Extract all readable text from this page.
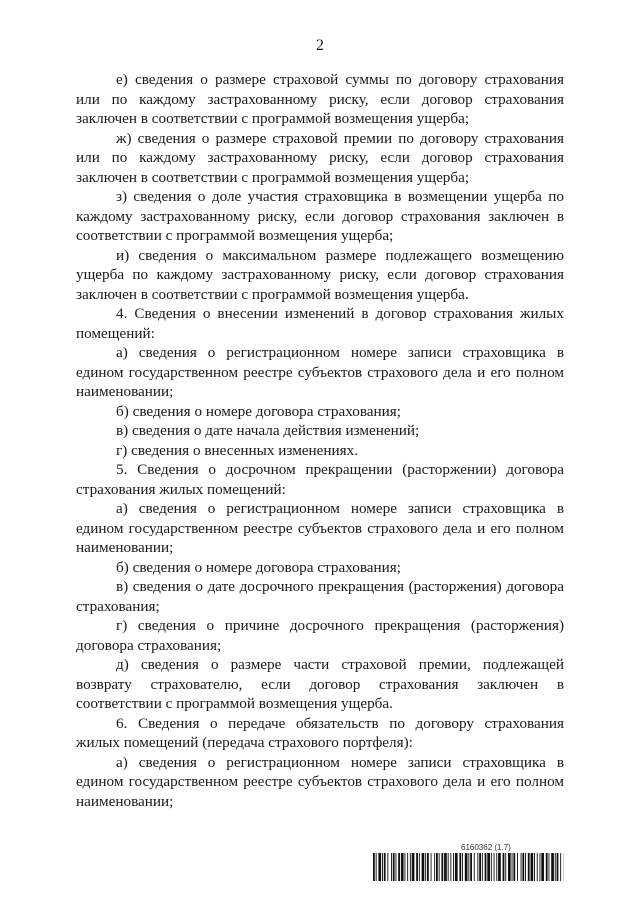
2

е) сведения о размере страховой суммы по договору страхования или по каждому застрахованному риску, если договор страхования заключен в соответствии с программой возмещения ущерба;

ж) сведения о размере страховой премии по договору страхования или по каждому застрахованному риску, если договор страхования заключен в соответствии с программой возмещения ущерба;

з) сведения о доле участия страховщика в возмещении ущерба по каждому застрахованному риску, если договор страхования заключен в соответствии с программой возмещения ущерба;

и) сведения о максимальном размере подлежащего возмещению ущерба по каждому застрахованному риску, если договор страхования заключен в соответствии с программой возмещения ущерба.

4. Сведения о внесении изменений в договор страхования жилых помещений:

а) сведения о регистрационном номере записи страховщика в едином государственном реестре субъектов страхового дела и его полном наименовании;

б) сведения о номере договора страхования;

в) сведения о дате начала действия изменений;

г) сведения о внесенных изменениях.

5. Сведения о досрочном прекращении (расторжении) договора страхования жилых помещений:

а) сведения о регистрационном номере записи страховщика в едином государственном реестре субъектов страхового дела и его полном наименовании;

б) сведения о номере договора страхования;

в) сведения о дате досрочного прекращения (расторжения) договора страхования;

г) сведения о причине досрочного прекращения (расторжения) договора страхования;

д) сведения о размере части страховой премии, подлежащей возврату страхователю, если договор страхования заключен в соответствии с программой возмещения ущерба.

6. Сведения о передаче обязательств по договору страхования жилых помещений (передача страхового портфеля):

а) сведения о регистрационном номере записи страховщика в едином государственном реестре субъектов страхового дела и его полном наименовании;

6160362 (1.7)
